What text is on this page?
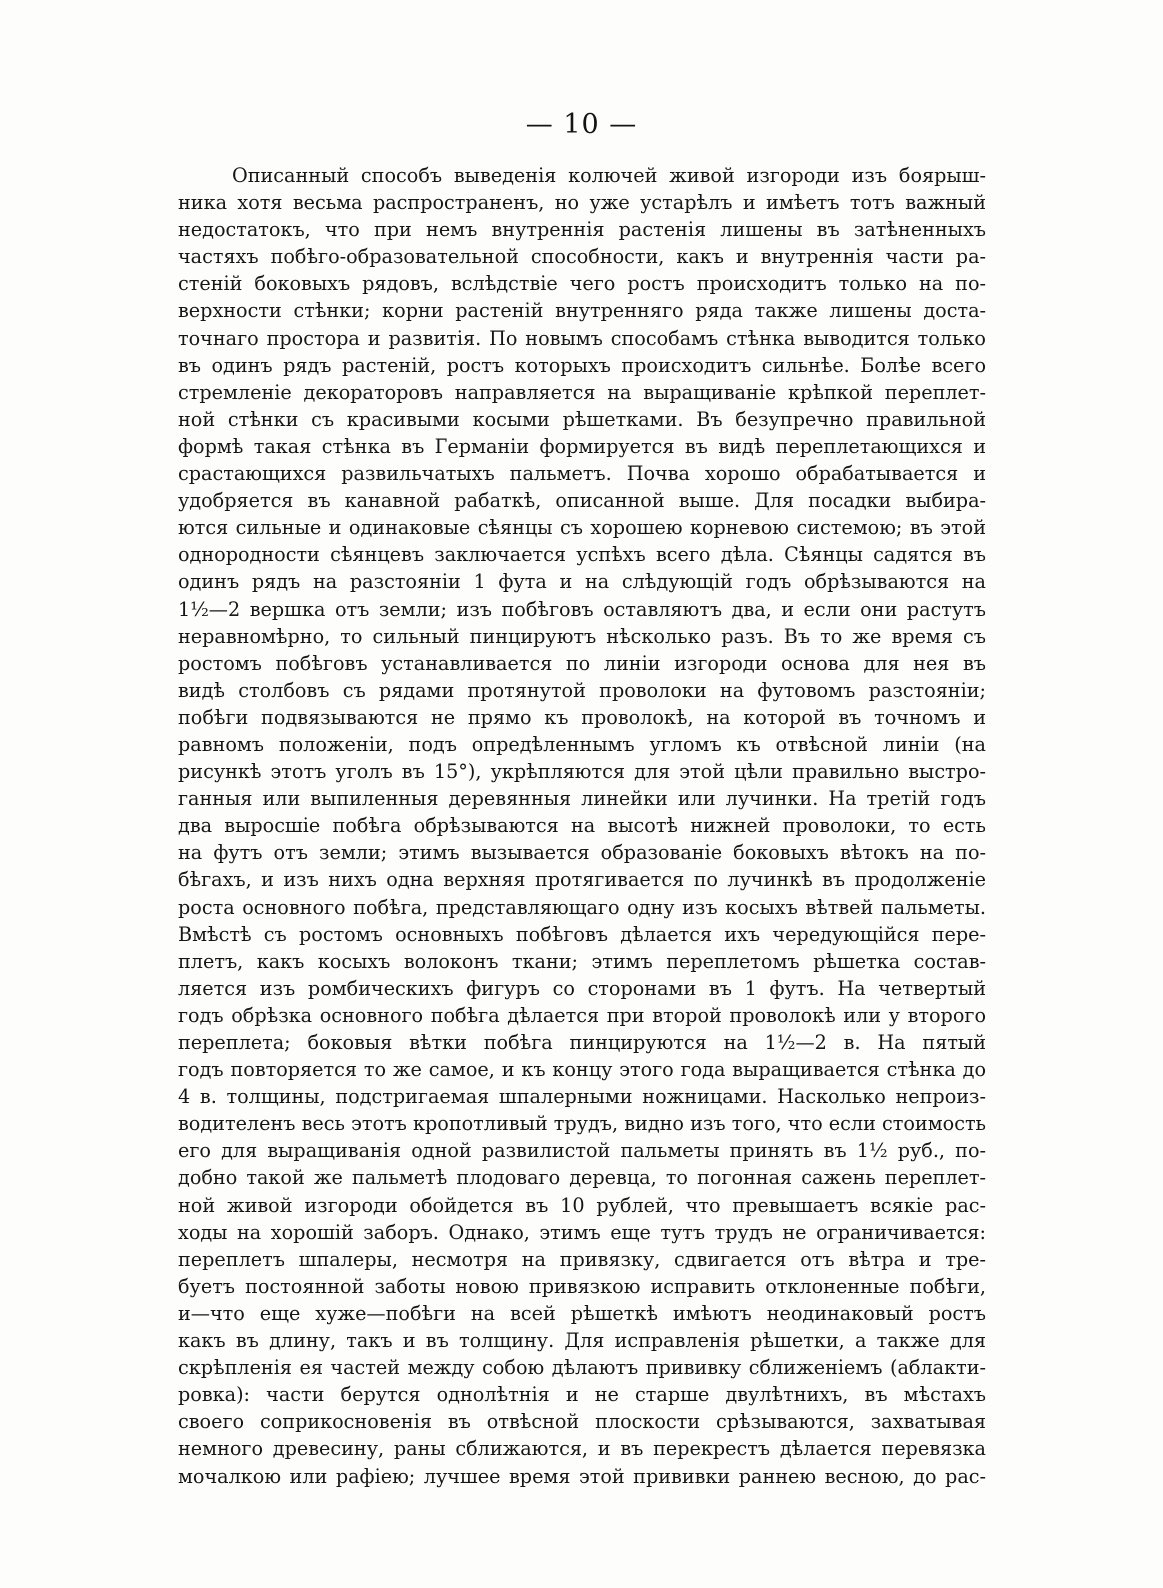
— 10 —
Описанный способъ выведенія колючей живой изгороди изъ боярыш-
ника хотя весьма распространенъ, но уже устарѣлъ и имѣетъ тотъ важный
недостатокъ, что при немъ внутреннія растенія лишены въ затѣненныхъ
частяхъ побѣго-образовательной способности, какъ и внутреннія части ра-
стеній боковыхъ рядовъ, вслѣдствіе чего ростъ происходитъ только на по-
верхности стѣнки; корни растеній внутренняго ряда также лишены доста-
точнаго простора и развитія. По новымъ способамъ стѣнка выводится только
въ одинъ рядъ растеній, ростъ которыхъ происходитъ сильнѣе. Болѣе всего
стремленіе декораторовъ направляется на выращиваніе крѣпкой переплет-
ной стѣнки съ красивыми косыми рѣшетками. Въ безупречно правильной
формѣ такая стѣнка въ Германіи формируется въ видѣ переплетающихся и
срастающихся развильчатыхъ пальметъ. Почва хорошо обрабатывается и
удобряется въ канавной рабаткѣ, описанной выше. Для посадки выбира-
ются сильные и одинаковые сѣянцы съ хорошею корневою системою; въ этой
однородности сѣянцевъ заключается успѣхъ всего дѣла. Сѣянцы садятся въ
одинъ рядъ на разстояніи 1 фута и на слѣдующій годъ обрѣзываются на
1½—2 вершка отъ земли; изъ побѣговъ оставляютъ два, и если они растутъ
неравномѣрно, то сильный пинцируютъ нѣсколько разъ. Въ то же время съ
ростомъ побѣговъ устанавливается по линіи изгороди основа для нея въ
видѣ столбовъ съ рядами протянутой проволоки на футовомъ разстояніи;
побѣги подвязываются не прямо къ проволокѣ, на которой въ точномъ и
равномъ положеніи, подъ опредѣленнымъ угломъ къ отвѣсной линіи (на
рисункѣ этотъ уголъ въ 15°), укрѣпляются для этой цѣли правильно выстро-
ганныя или выпиленныя деревянныя линейки или лучинки. На третій годъ
два выросшіе побѣга обрѣзываются на высотѣ нижней проволоки, то есть
на футъ отъ земли; этимъ вызывается образованіе боковыхъ вѣтокъ на по-
бѣгахъ, и изъ нихъ одна верхняя протягивается по лучинкѣ въ продолженіе
роста основного побѣга, представляющаго одну изъ косыхъ вѣтвей пальметы.
Вмѣстѣ съ ростомъ основныхъ побѣговъ дѣлается ихъ чередующійся пере-
плетъ, какъ косыхъ волоконъ ткани; этимъ переплетомъ рѣшетка состав-
ляется изъ ромбическихъ фигуръ со сторонами въ 1 футъ. На четвертый
годъ обрѣзка основного побѣга дѣлается при второй проволокѣ или у второго
переплета; боковыя вѣтки побѣга пинцируются на 1½—2 в. На пятый
годъ повторяется то же самое, и къ концу этого года выращивается стѣнка до
4 в. толщины, подстригаемая шпалерными ножницами. Насколько непроиз-
водителенъ весь этотъ кропотливый трудъ, видно изъ того, что если стоимость
его для выращиванія одной развилистой пальметы принять въ 1½ руб., по-
добно такой же пальметѣ плодоваго деревца, то погонная сажень переплет-
ной живой изгороди обойдется въ 10 рублей, что превышаетъ всякіе рас-
ходы на хорошій заборъ. Однако, этимъ еще тутъ трудъ не ограничивается:
переплетъ шпалеры, несмотря на привязку, сдвигается отъ вѣтра и тре-
буетъ постоянной заботы новою привязкою исправить отклоненные побѣги,
и—что еще хуже—побѣги на всей рѣшеткѣ имѣютъ неодинаковый ростъ
какъ въ длину, такъ и въ толщину. Для исправленія рѣшетки, а также для
скрѣпленія ея частей между собою дѣлаютъ прививку сближеніемъ (аблакти-
ровка): части берутся однолѣтнія и не старше двулѣтнихъ, въ мѣстахъ
своего соприкосновенія въ отвѣсной плоскости срѣзываются, захватывая
немного древесину, раны сближаются, и въ перекрестъ дѣлается перевязка
мочалкою или рафіею; лучшее время этой прививки раннею весною, до рас-
